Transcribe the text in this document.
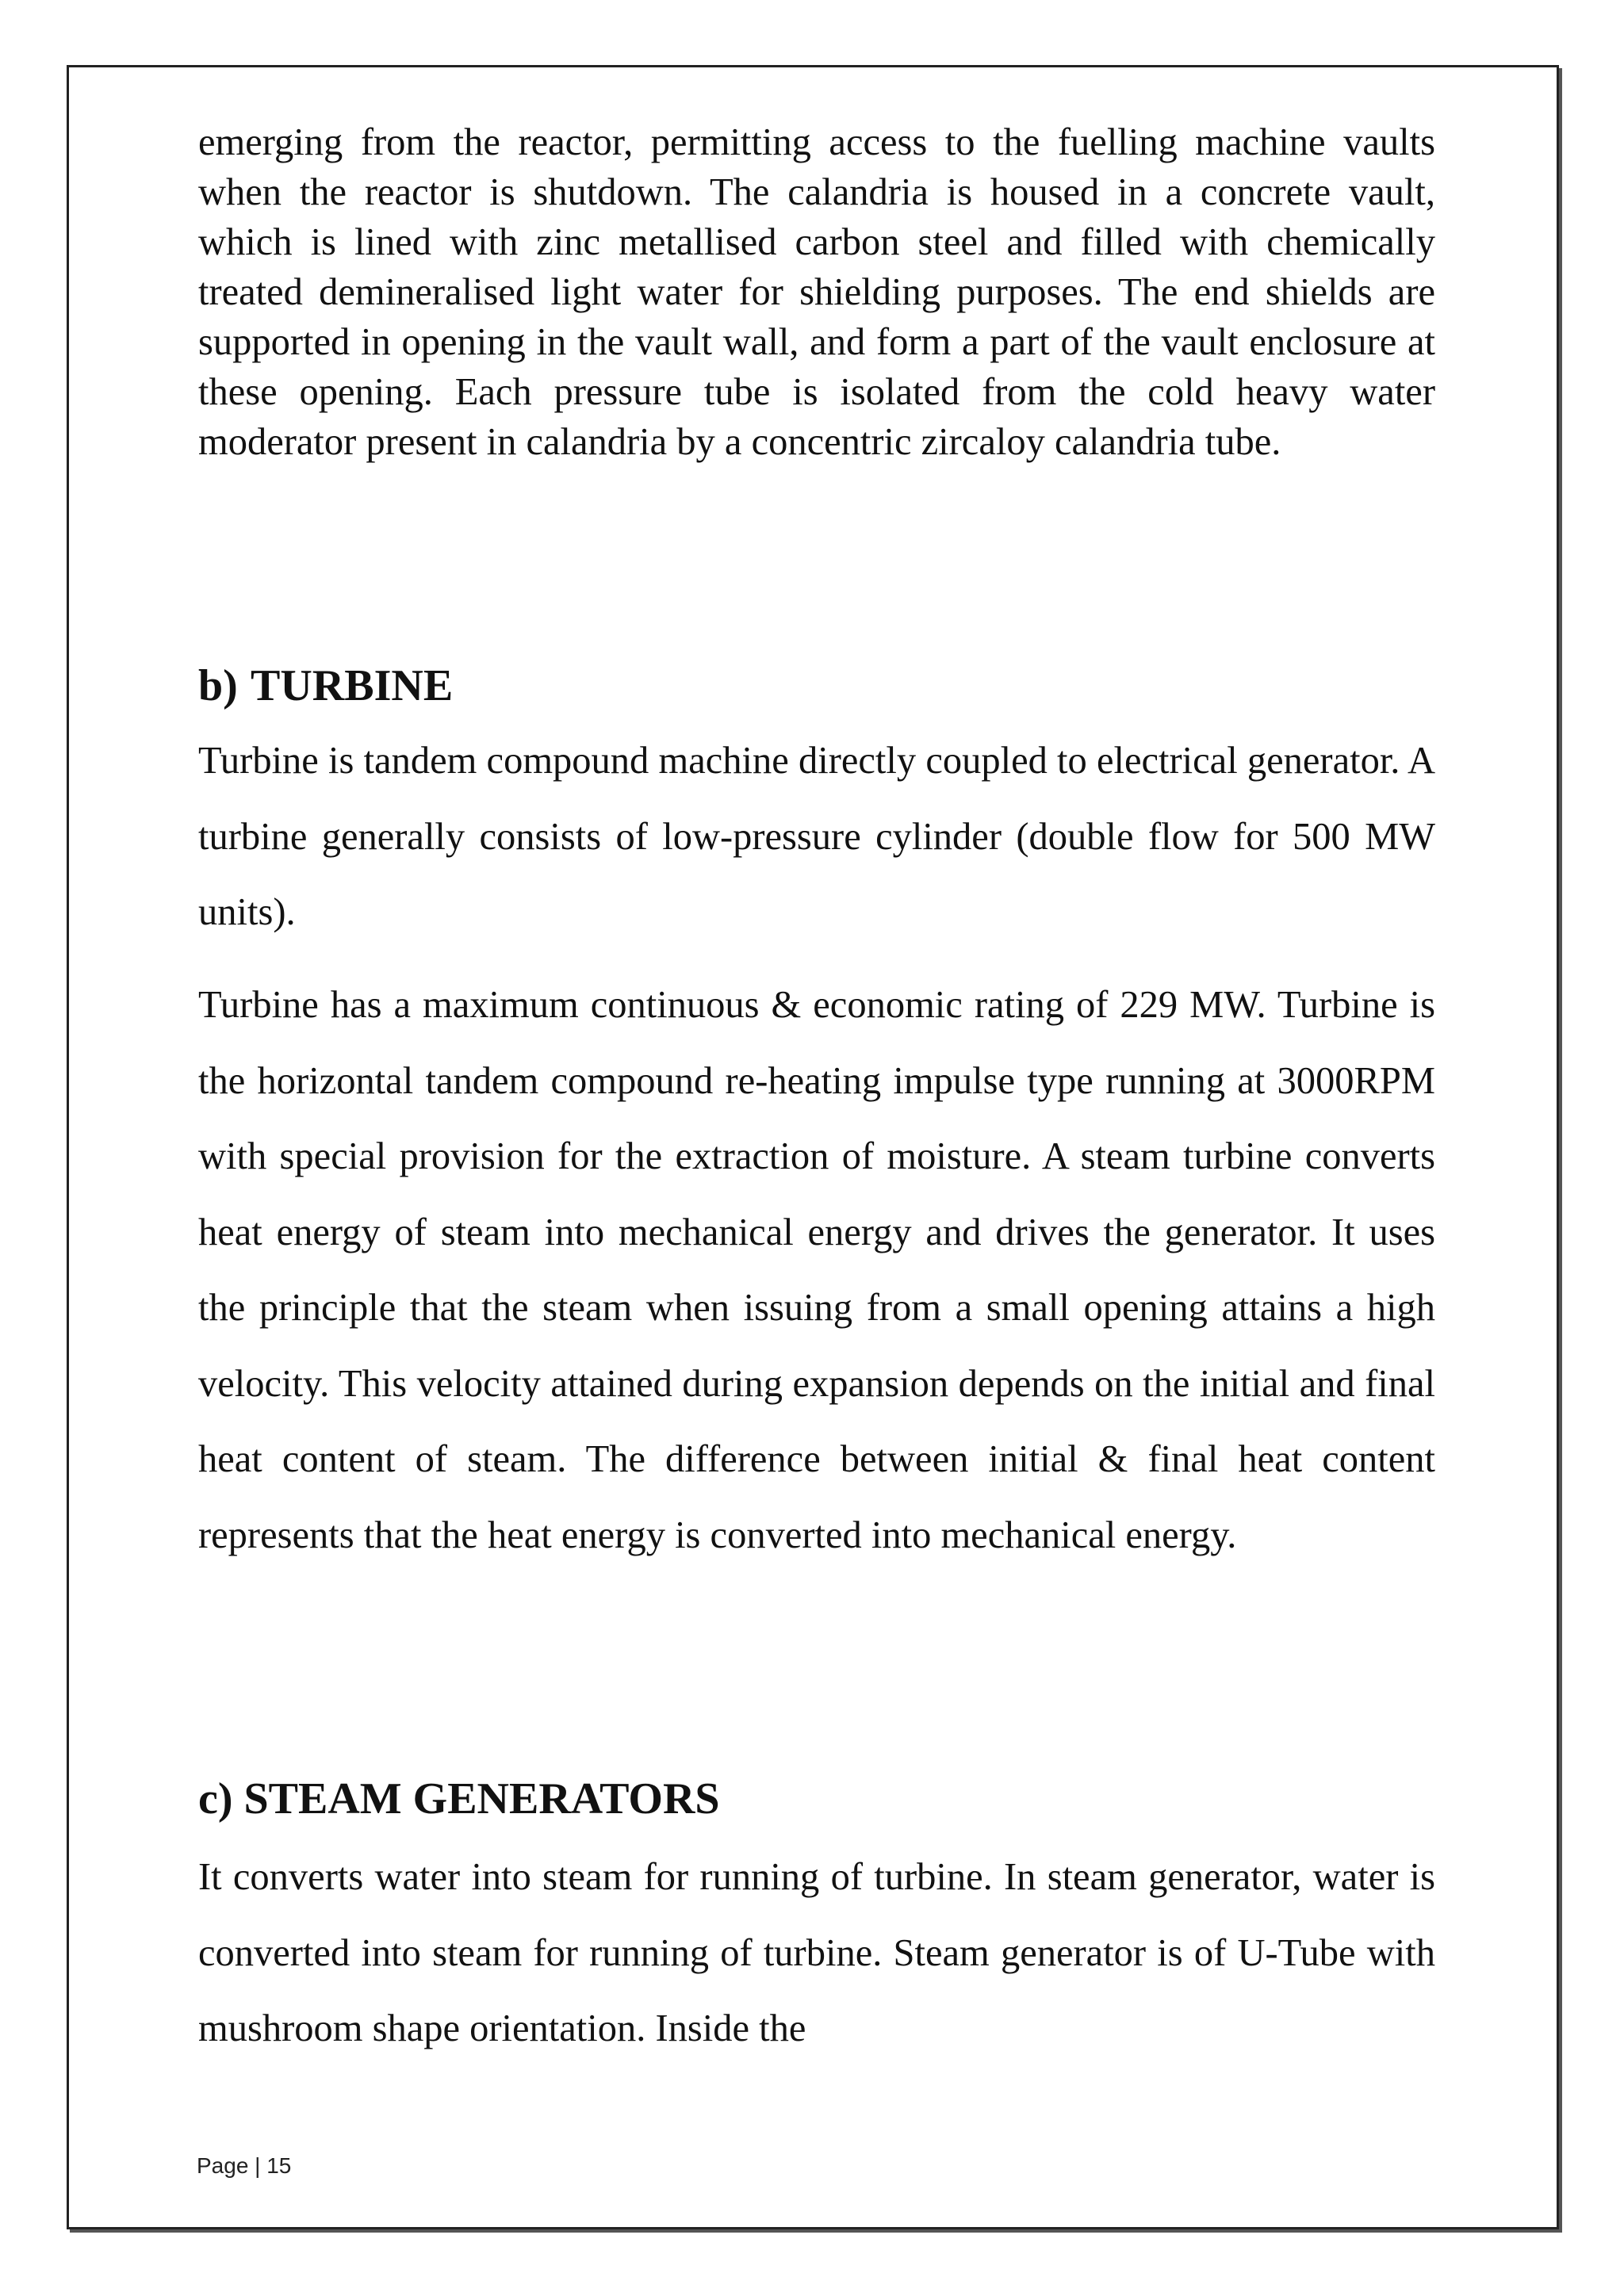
emerging from the reactor, permitting access to the fuelling machine vaults when the reactor is shutdown. The calandria is housed in a concrete vault, which is lined with zinc metallised carbon steel and filled with chemically treated demineralised light water for shielding purposes. The end shields are supported in opening in the vault wall, and form a part of the vault enclosure at these opening. Each pressure tube is isolated from the cold heavy water moderator present in calandria by a concentric zircaloy calandria tube.

b) TURBINE

Turbine is tandem compound machine directly coupled to electrical generator. A turbine generally consists of low-pressure cylinder (double flow for 500 MW units).

Turbine has a maximum continuous & economic rating of 229 MW. Turbine is the horizontal tandem compound re-heating impulse type running at 3000RPM with special provision for the extraction of moisture. A steam turbine converts heat energy of steam into mechanical energy and drives the generator. It uses the principle that the steam when issuing from a small opening attains a high velocity. This velocity attained during expansion depends on the initial and final heat content of steam. The difference between initial & final heat content represents that the heat energy is converted into mechanical energy.

c) STEAM GENERATORS

It converts water into steam for running of turbine. In steam generator, water is converted into steam for running of turbine. Steam generator is of U-Tube with mushroom shape orientation. Inside the

Page | 15
